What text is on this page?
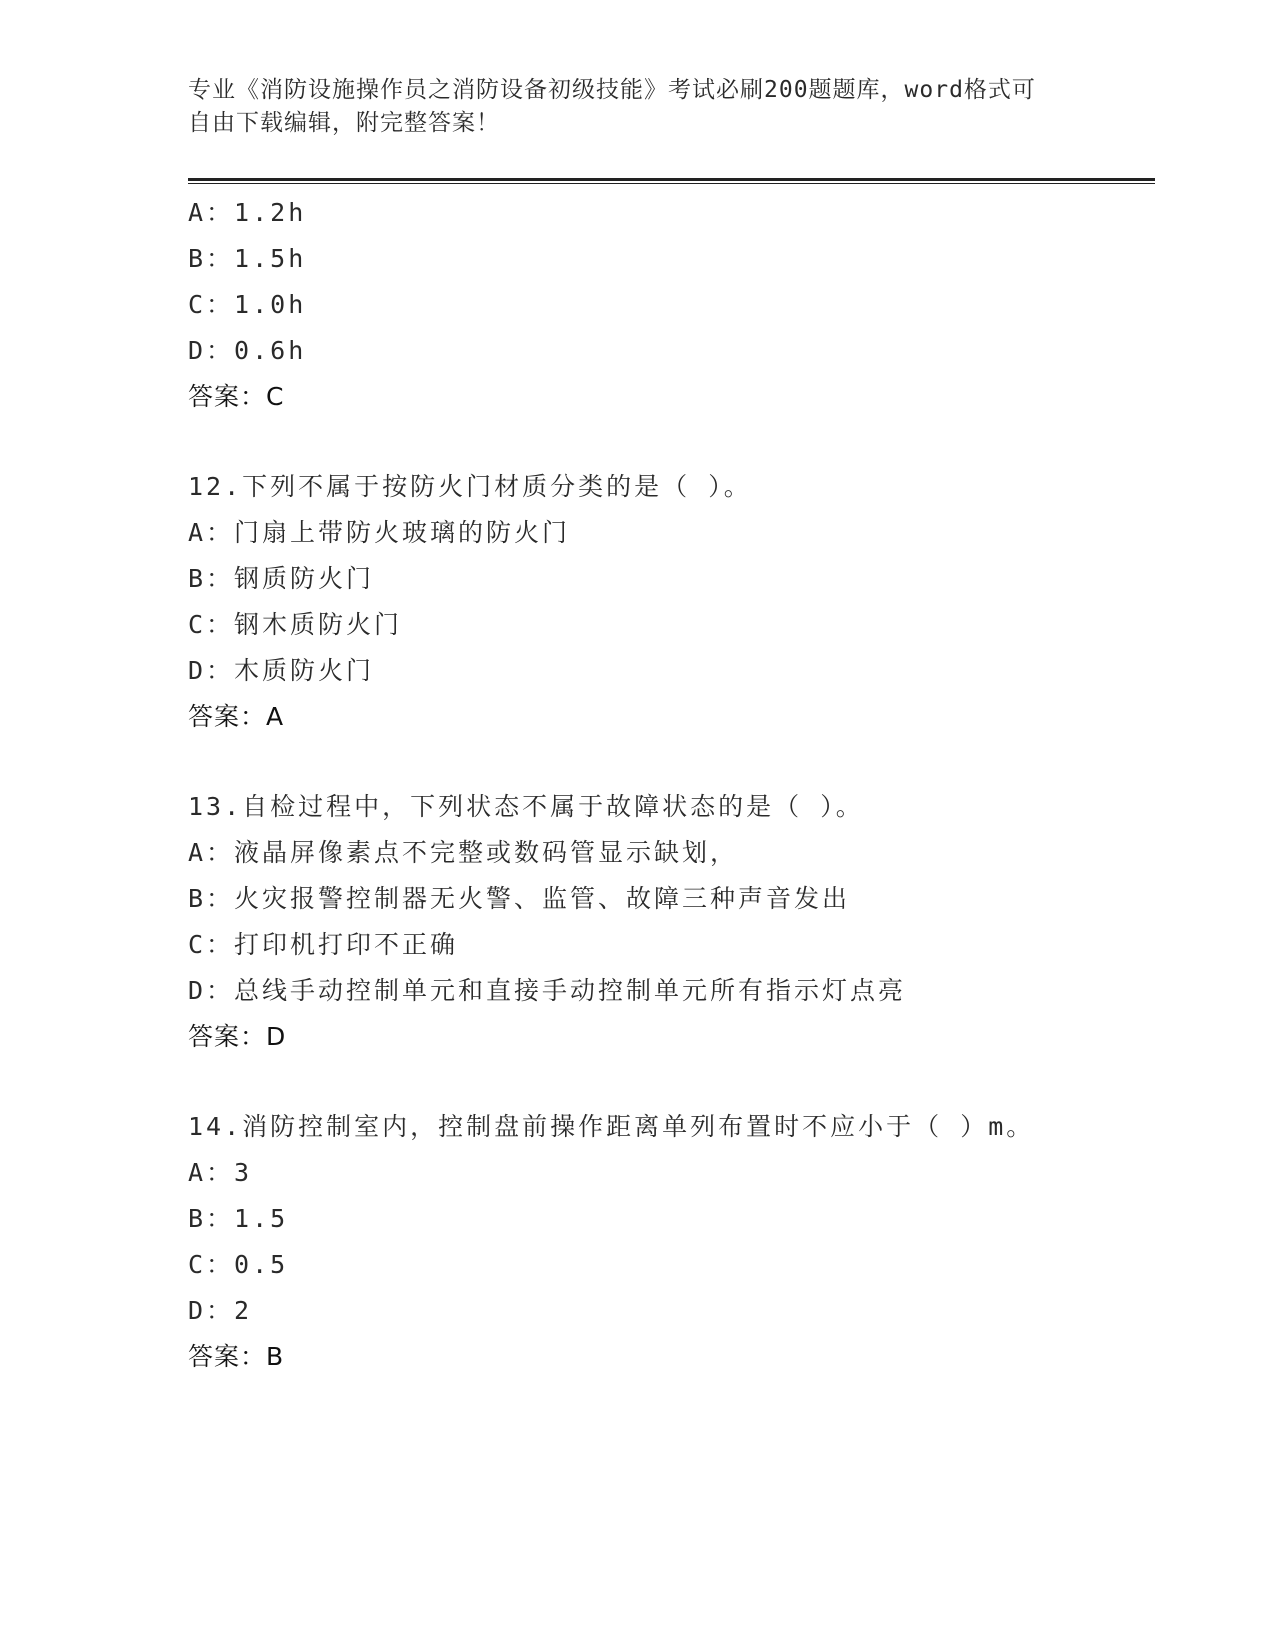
专业《消防设施操作员之消防设备初级技能》考试必刷200题题库，word格式可
自由下载编辑，附完整答案！
A：1.2h
B：1.5h
C：1.0h
D：0.6h
答案：C
12.下列不属于按防火门材质分类的是（ ）。
A：门扇上带防火玻璃的防火门
B：钢质防火门
C：钢木质防火门
D：木质防火门
答案：A
13.自检过程中，下列状态不属于故障状态的是（ ）。
A：液晶屏像素点不完整或数码管显示缺划，
B：火灾报警控制器无火警、监管、故障三种声音发出
C：打印机打印不正确
D：总线手动控制单元和直接手动控制单元所有指示灯点亮
答案：D
14.消防控制室内，控制盘前操作距离单列布置时不应小于（ ）m。
A：3
B：1.5
C：0.5
D：2
答案：B
